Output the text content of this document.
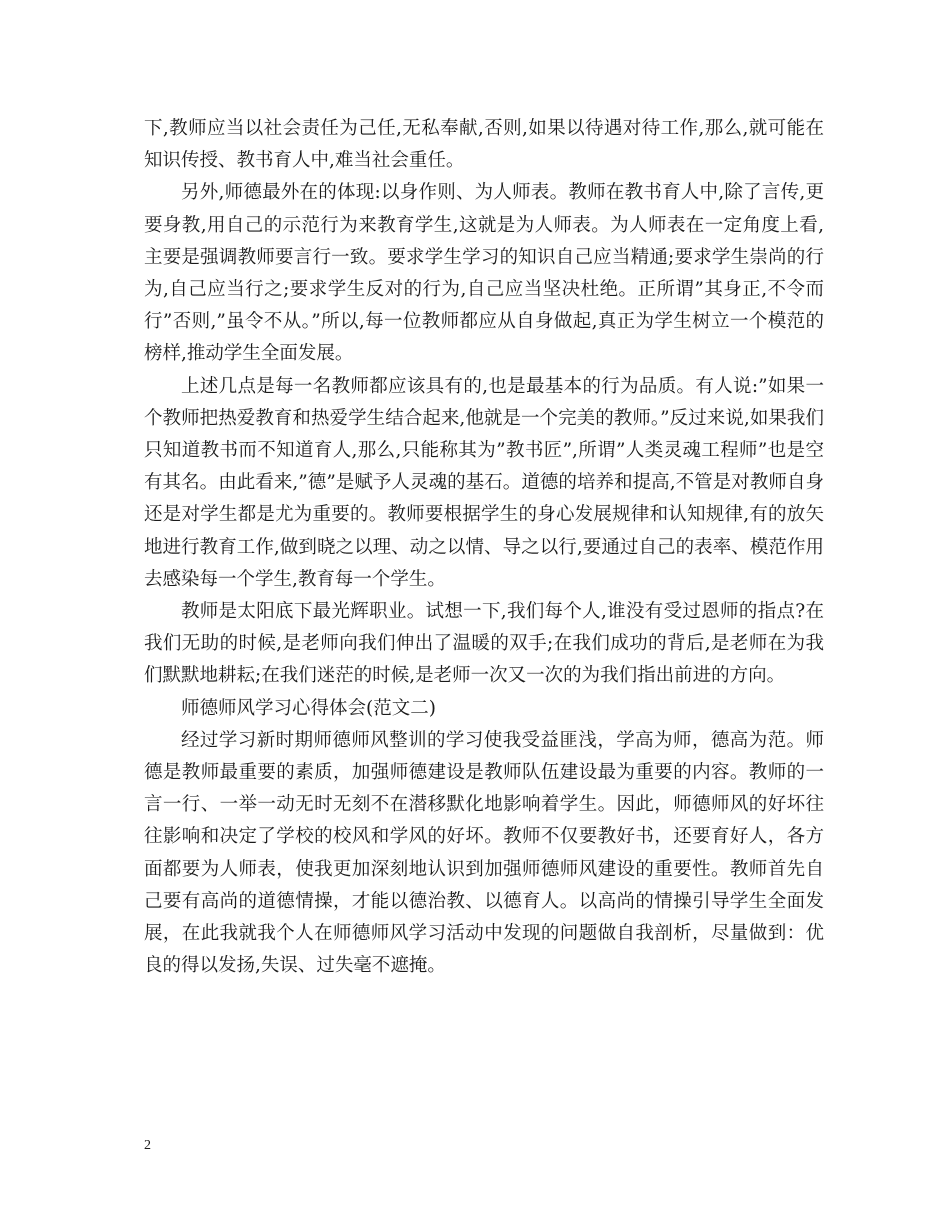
下,教师应当以社会责任为己任,无私奉献,否则,如果以待遇对待工作,那么,就可能在知识传授、教书育人中,难当社会重任。

另外,师德最外在的体现:以身作则、为人师表。教师在教书育人中,除了言传,更要身教,用自己的示范行为来教育学生,这就是为人师表。为人师表在一定角度上看,主要是强调教师要言行一致。要求学生学习的知识自己应当精通;要求学生崇尚的行为,自己应当行之;要求学生反对的行为,自己应当坚决杜绝。正所谓”其身正,不令而行”否则,”虽令不从。”所以,每一位教师都应从自身做起,真正为学生树立一个模范的榜样,推动学生全面发展。

上述几点是每一名教师都应该具有的,也是最基本的行为品质。有人说:”如果一个教师把热爱教育和热爱学生结合起来,他就是一个完美的教师。”反过来说,如果我们只知道教书而不知道育人,那么,只能称其为”教书匠”,所谓”人类灵魂工程师”也是空有其名。由此看来,”德”是赋予人灵魂的基石。道德的培养和提高,不管是对教师自身还是对学生都是尤为重要的。教师要根据学生的身心发展规律和认知规律,有的放矢地进行教育工作,做到晓之以理、动之以情、导之以行,要通过自己的表率、模范作用去感染每一个学生,教育每一个学生。

教师是太阳底下最光辉职业。试想一下,我们每个人,谁没有受过恩师的指点?在我们无助的时候,是老师向我们伸出了温暖的双手;在我们成功的背后,是老师在为我们默默地耕耘;在我们迷茫的时候,是老师一次又一次的为我们指出前进的方向。

师德师风学习心得体会(范文二)

经过学习新时期师德师风整训的学习使我受益匪浅，学高为师，德高为范。师德是教师最重要的素质，加强师德建设是教师队伍建设最为重要的内容。教师的一言一行、一举一动无时无刻不在潜移默化地影响着学生。因此，师德师风的好坏往往影响和决定了学校的校风和学风的好坏。教师不仅要教好书，还要育好人，各方面都要为人师表，使我更加深刻地认识到加强师德师风建设的重要性。教师首先自己要有高尚的道德情操，才能以德治教、以德育人。以高尚的情操引导学生全面发展，在此我就我个人在师德师风学习活动中发现的问题做自我剖析，尽量做到：优良的得以发扬,失误、过失毫不遮掩。

2
